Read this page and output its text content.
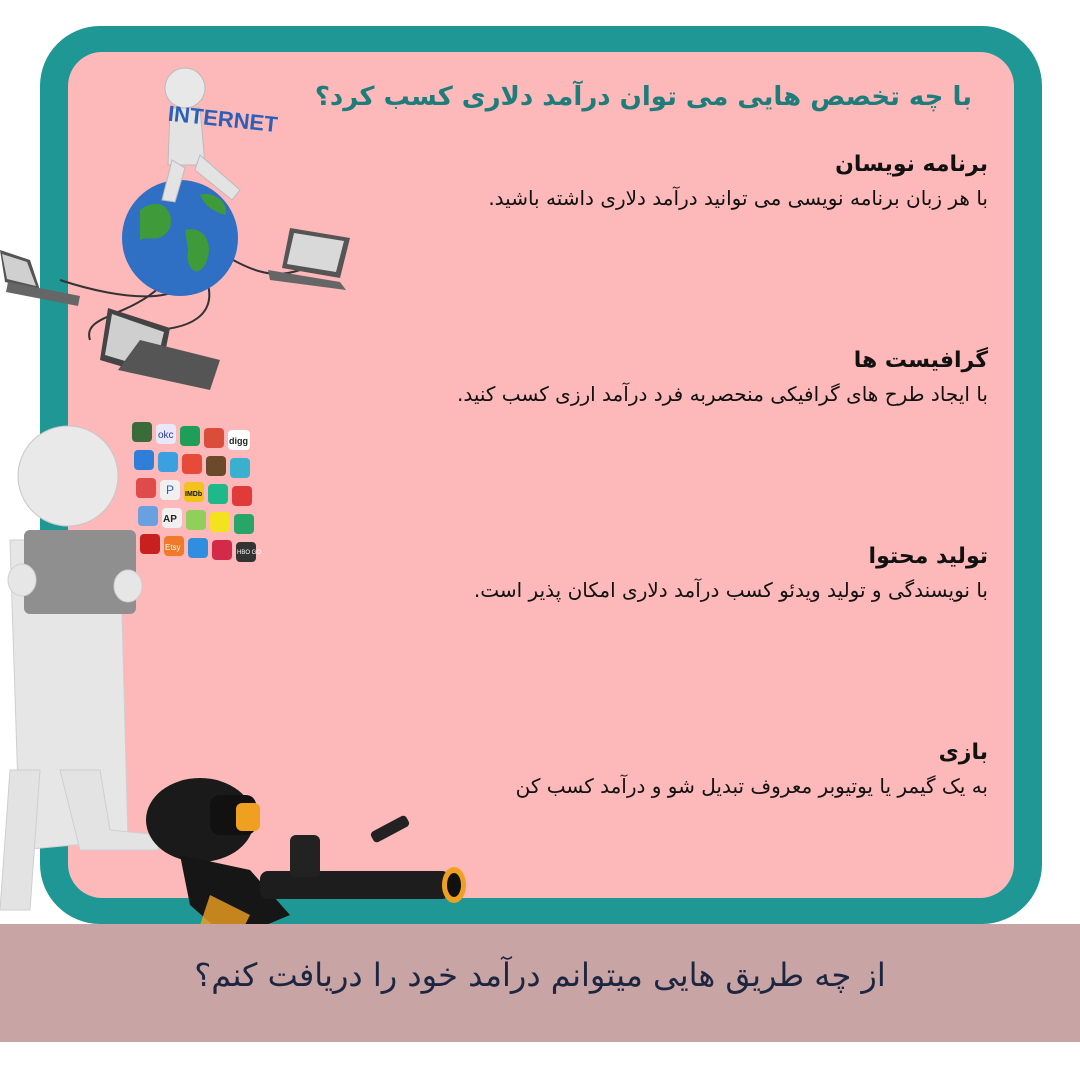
با چه تخصص هایی می توان درآمد دلاری کسب کرد؟
برنامه نویسان
با هر زبان برنامه نویسی می توانید درآمد دلاری داشته باشید.
گرافیست ها
با ایجاد طرح های گرافیکی منحصربه فرد درآمد ارزی کسب کنید.
تولید محتوا
با نویسندگی و تولید ویدئو کسب درآمد دلاری امکان پذیر است.
بازی
به یک گیمر یا یوتیوبر معروف تبدیل شو و درآمد کسب کن
INTERNET
okc	digg
P IMDb
AP
Etsy
HBO GO
از چه طریق هایی میتوانم درآمد خود را دریافت کنم؟
